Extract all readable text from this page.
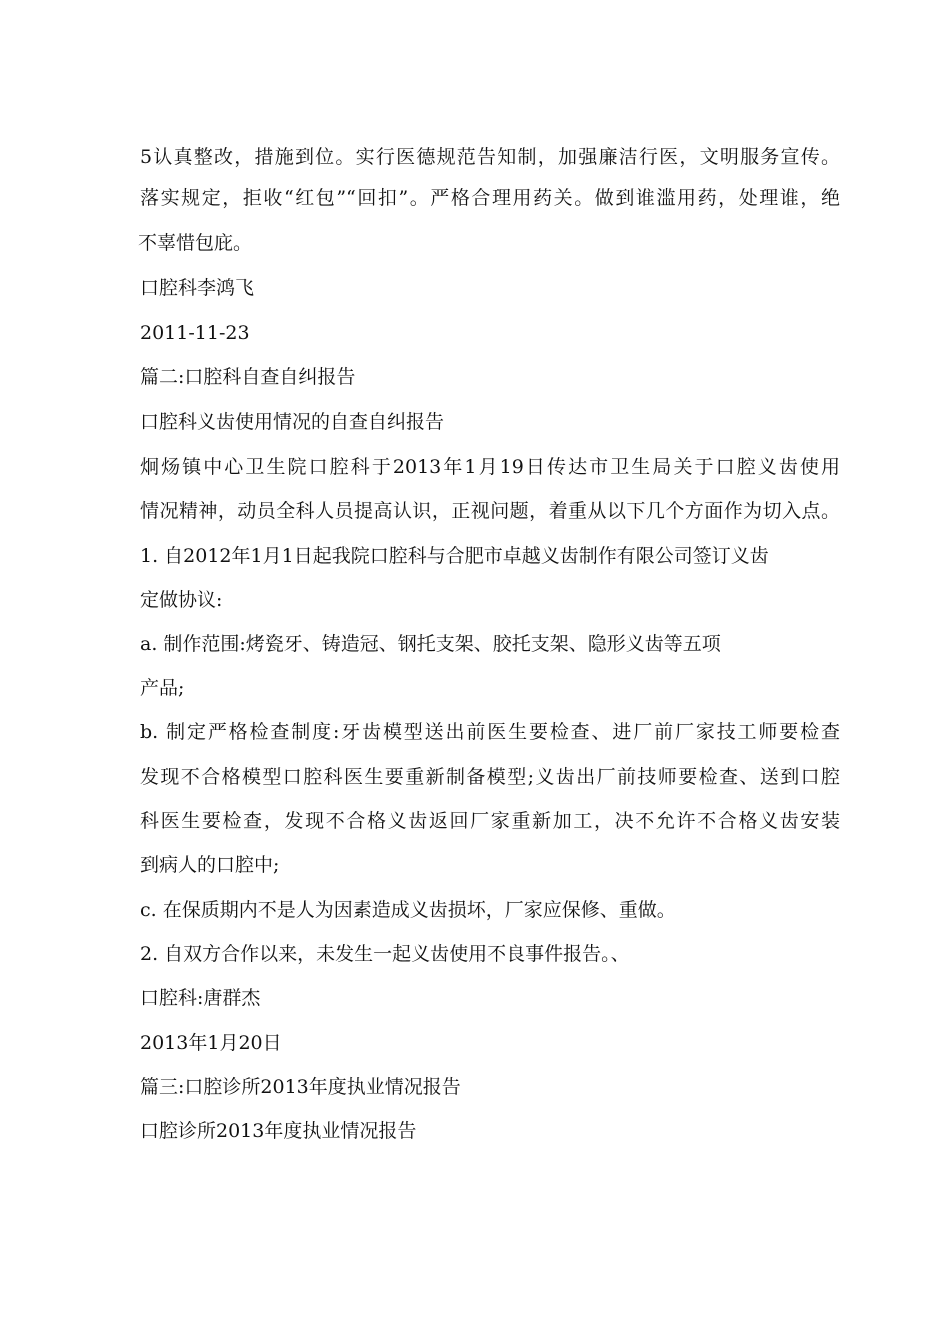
5认真整改，措施到位。实行医德规范告知制，加强廉洁行医，文明服务宣传。
落实规定，拒收“红包”“回扣”。严格合理用药关。做到谁滥用药，处理谁，绝
不辜惜包庇。
口腔科李鸿飞
2011-11-23
篇二:口腔科自查自纠报告
口腔科义齿使用情况的自查自纠报告
炯炀镇中心卫生院口腔科于2013年1月19日传达市卫生局关于口腔义齿使用
情况精神，动员全科人员提高认识，正视问题，着重从以下几个方面作为切入点。
1. 自2012年1月1日起我院口腔科与合肥市卓越义齿制作有限公司签订义齿
定做协议:
a. 制作范围:烤瓷牙、铸造冠、钢托支架、胶托支架、隐形义齿等五项
产品;
b. 制定严格检查制度:牙齿模型送出前医生要检查、进厂前厂家技工师要检查
发现不合格模型口腔科医生要重新制备模型;义齿出厂前技师要检查、送到口腔
科医生要检查，发现不合格义齿返回厂家重新加工，决不允许不合格义齿安装
到病人的口腔中;
c. 在保质期内不是人为因素造成义齿损坏，厂家应保修、重做。
2. 自双方合作以来，未发生一起义齿使用不良事件报告。、
口腔科:唐群杰
2013年1月20日
篇三:口腔诊所2013年度执业情况报告
口腔诊所2013年度执业情况报告
